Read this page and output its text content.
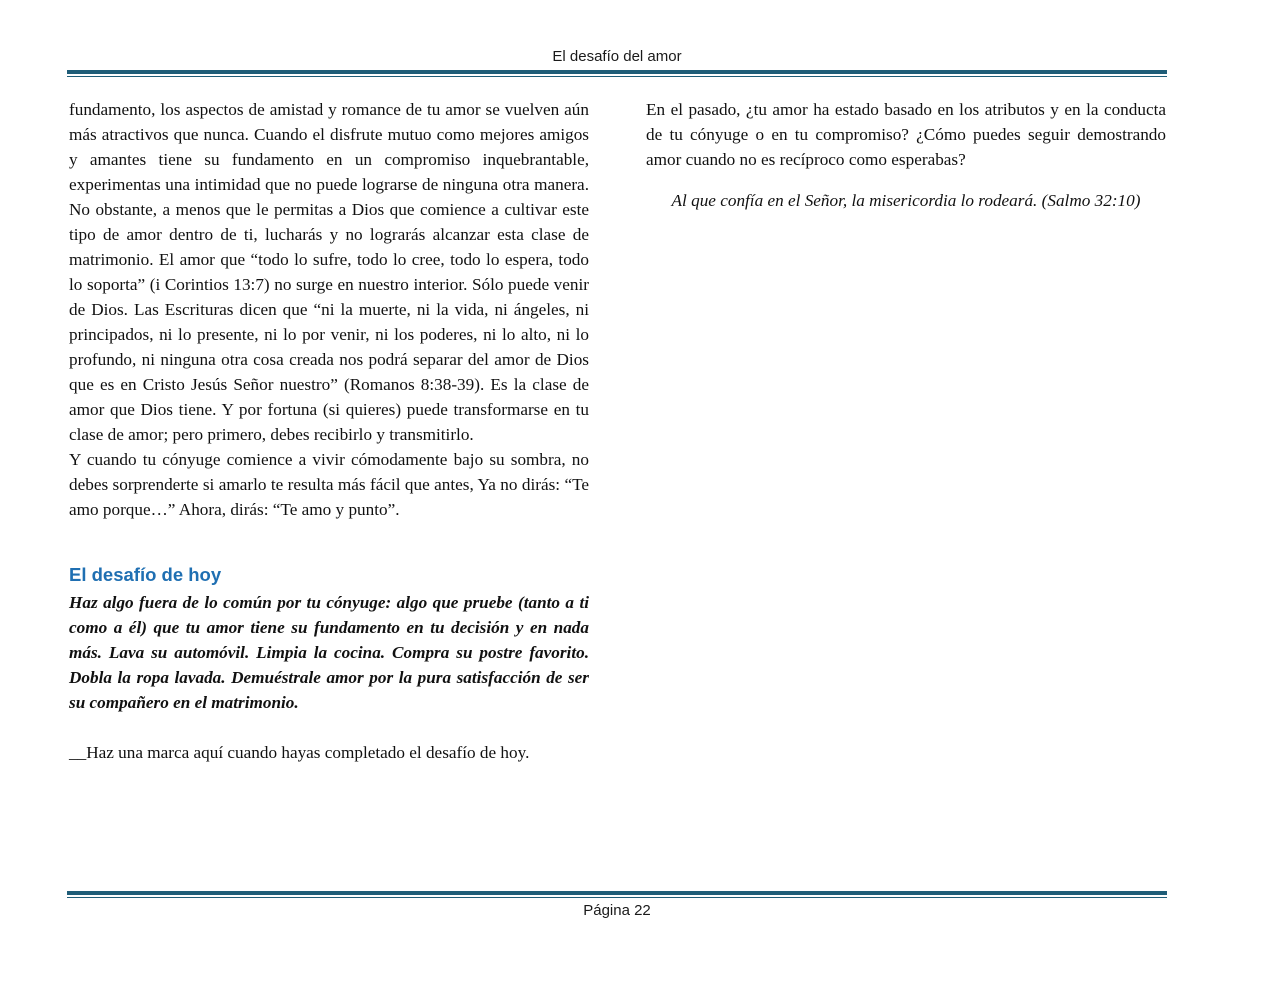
El desafío del amor

fundamento, los aspectos de amistad y romance de tu amor se vuelven aún más atractivos que nunca. Cuando el disfrute mutuo como mejores amigos y amantes tiene su fundamento en un compromiso inquebrantable, experimentas una intimidad que no puede lograrse de ninguna otra manera. No obstante, a menos que le permitas a Dios que comience a cultivar este tipo de amor dentro de ti, lucharás y no lograrás alcanzar esta clase de matrimonio. El amor que “todo lo sufre, todo lo cree, todo lo espera, todo lo soporta” (i Corintios 13:7) no surge en nuestro interior. Sólo puede venir de Dios. Las Escrituras dicen que “ni la muerte, ni la vida, ni ángeles, ni principados, ni lo presente, ni lo por venir, ni los poderes, ni lo alto, ni lo profundo, ni ninguna otra cosa creada nos podrá separar del amor de Dios que es en Cristo Jesús Señor nuestro” (Romanos 8:38-39). Es la clase de amor que Dios tiene. Y por fortuna (si quieres) puede transformarse en tu clase de amor; pero primero, debes recibirlo y transmitirlo.

Y cuando tu cónyuge comience a vivir cómodamente bajo su sombra, no debes sorprenderte si amarlo te resulta más fácil que antes, Ya no dirás: “Te amo porque…” Ahora, dirás: “Te amo y punto”.

El desafío de hoy

Haz algo fuera de lo común por tu cónyuge: algo que pruebe (tanto a ti como a él) que tu amor tiene su fundamento en tu decisión y en nada más. Lava su automóvil. Limpia la cocina. Compra su postre favorito. Dobla la ropa lavada. Demuéstrale amor por la pura satisfacción de ser su compañero en el matrimonio.

__Haz una marca aquí cuando hayas completado el desafío de hoy.

En el pasado, ¿tu amor ha estado basado en los atributos y en la conducta de tu cónyuge o en tu compromiso? ¿Cómo puedes seguir demostrando amor cuando no es recíproco como esperabas?

Al que confía en el Señor, la misericordia lo rodeará. (Salmo 32:10)

Página 22
